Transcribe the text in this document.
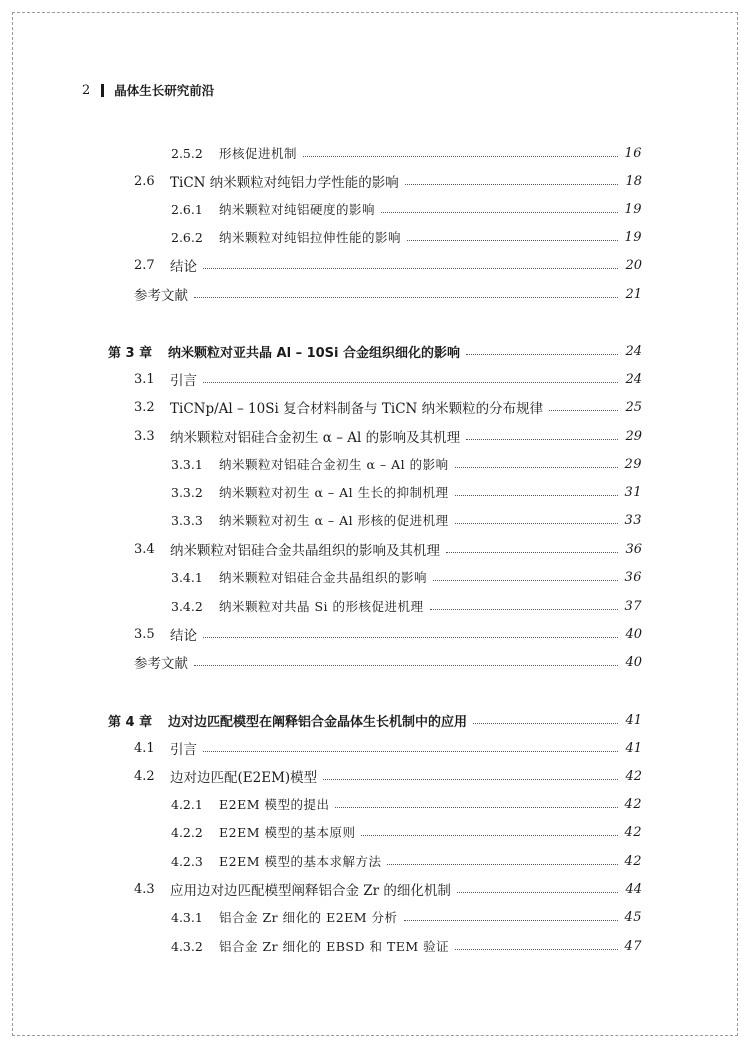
2 晶体生长研究前沿
2.5.2	形核促进机制	16
2.6	TiCN 纳米颗粒对纯铝力学性能的影响	18
2.6.1	纳米颗粒对纯铝硬度的影响	19
2.6.2	纳米颗粒对纯铝拉伸性能的影响	19
2.7	结论	20
参考文献	21
第 3 章	纳米颗粒对亚共晶 Al – 10Si 合金组织细化的影响	24
3.1	引言	24
3.2	TiCNp/Al – 10Si 复合材料制备与 TiCN 纳米颗粒的分布规律	25
3.3	纳米颗粒对铝硅合金初生 α – Al 的影响及其机理	29
3.3.1	纳米颗粒对铝硅合金初生 α – Al 的影响	29
3.3.2	纳米颗粒对初生 α – Al 生长的抑制机理	31
3.3.3	纳米颗粒对初生 α – Al 形核的促进机理	33
3.4	纳米颗粒对铝硅合金共晶组织的影响及其机理	36
3.4.1	纳米颗粒对铝硅合金共晶组织的影响	36
3.4.2	纳米颗粒对共晶 Si 的形核促进机理	37
3.5	结论	40
参考文献	40
第 4 章	边对边匹配模型在阐释铝合金晶体生长机制中的应用	41
4.1	引言	41
4.2	边对边匹配(E2EM)模型	42
4.2.1	E2EM 模型的提出	42
4.2.2	E2EM 模型的基本原则	42
4.2.3	E2EM 模型的基本求解方法	42
4.3	应用边对边匹配模型阐释铝合金 Zr 的细化机制	44
4.3.1	铝合金 Zr 细化的 E2EM 分析	45
4.3.2	铝合金 Zr 细化的 EBSD 和 TEM 验证	47
